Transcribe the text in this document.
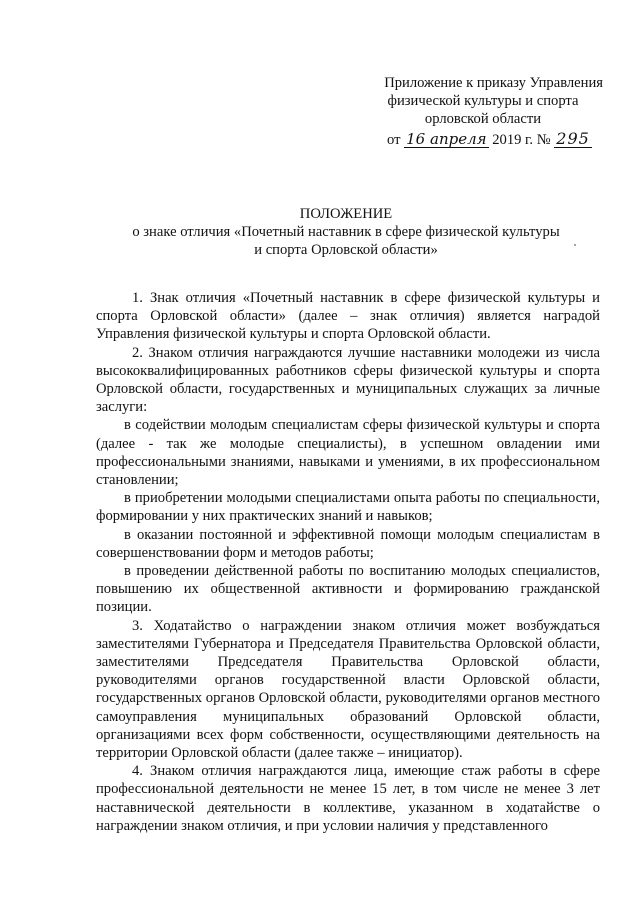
Приложение к приказу Управления
физической культуры и спорта
орловской области
от 16 апреля 2019 г. № 295
ПОЛОЖЕНИЕ
о знаке отличия «Почетный наставник в сфере физической культуры
и спорта Орловской области»

1. Знак отличия «Почетный наставник в сфере физической культуры и спорта Орловской области» (далее – знак отличия) является наградой Управления физической культуры и спорта Орловской области.

2. Знаком отличия награждаются лучшие наставники молодежи из числа высококвалифицированных работников сферы физической культуры и спорта Орловской области, государственных и муниципальных служащих за личные заслуги:

в содействии молодым специалистам сферы физической культуры и спорта (далее - так же молодые специалисты), в успешном овладении ими профессиональными знаниями, навыками и умениями, в их профессиональном становлении;

в приобретении молодыми специалистами опыта работы по специальности, формировании у них практических знаний и навыков;

в оказании постоянной и эффективной помощи молодым специалистам в совершенствовании форм и методов работы;

в проведении действенной работы по воспитанию молодых специалистов, повышению их общественной активности и формированию гражданской позиции.

3. Ходатайство о награждении знаком отличия может возбуждаться заместителями Губернатора и Председателя Правительства Орловской области, заместителями Председателя Правительства Орловской области, руководителями органов государственной власти Орловской области, государственных органов Орловской области, руководителями органов местного самоуправления муниципальных образований Орловской области, организациями всех форм собственности, осуществляющими деятельность на территории Орловской области (далее также – инициатор).

4. Знаком отличия награждаются лица, имеющие стаж работы в сфере профессиональной деятельности не менее 15 лет, в том числе не менее 3 лет наставнической деятельности в коллективе, указанном в ходатайстве о награждении знаком отличия, и при условии наличия у представленного
